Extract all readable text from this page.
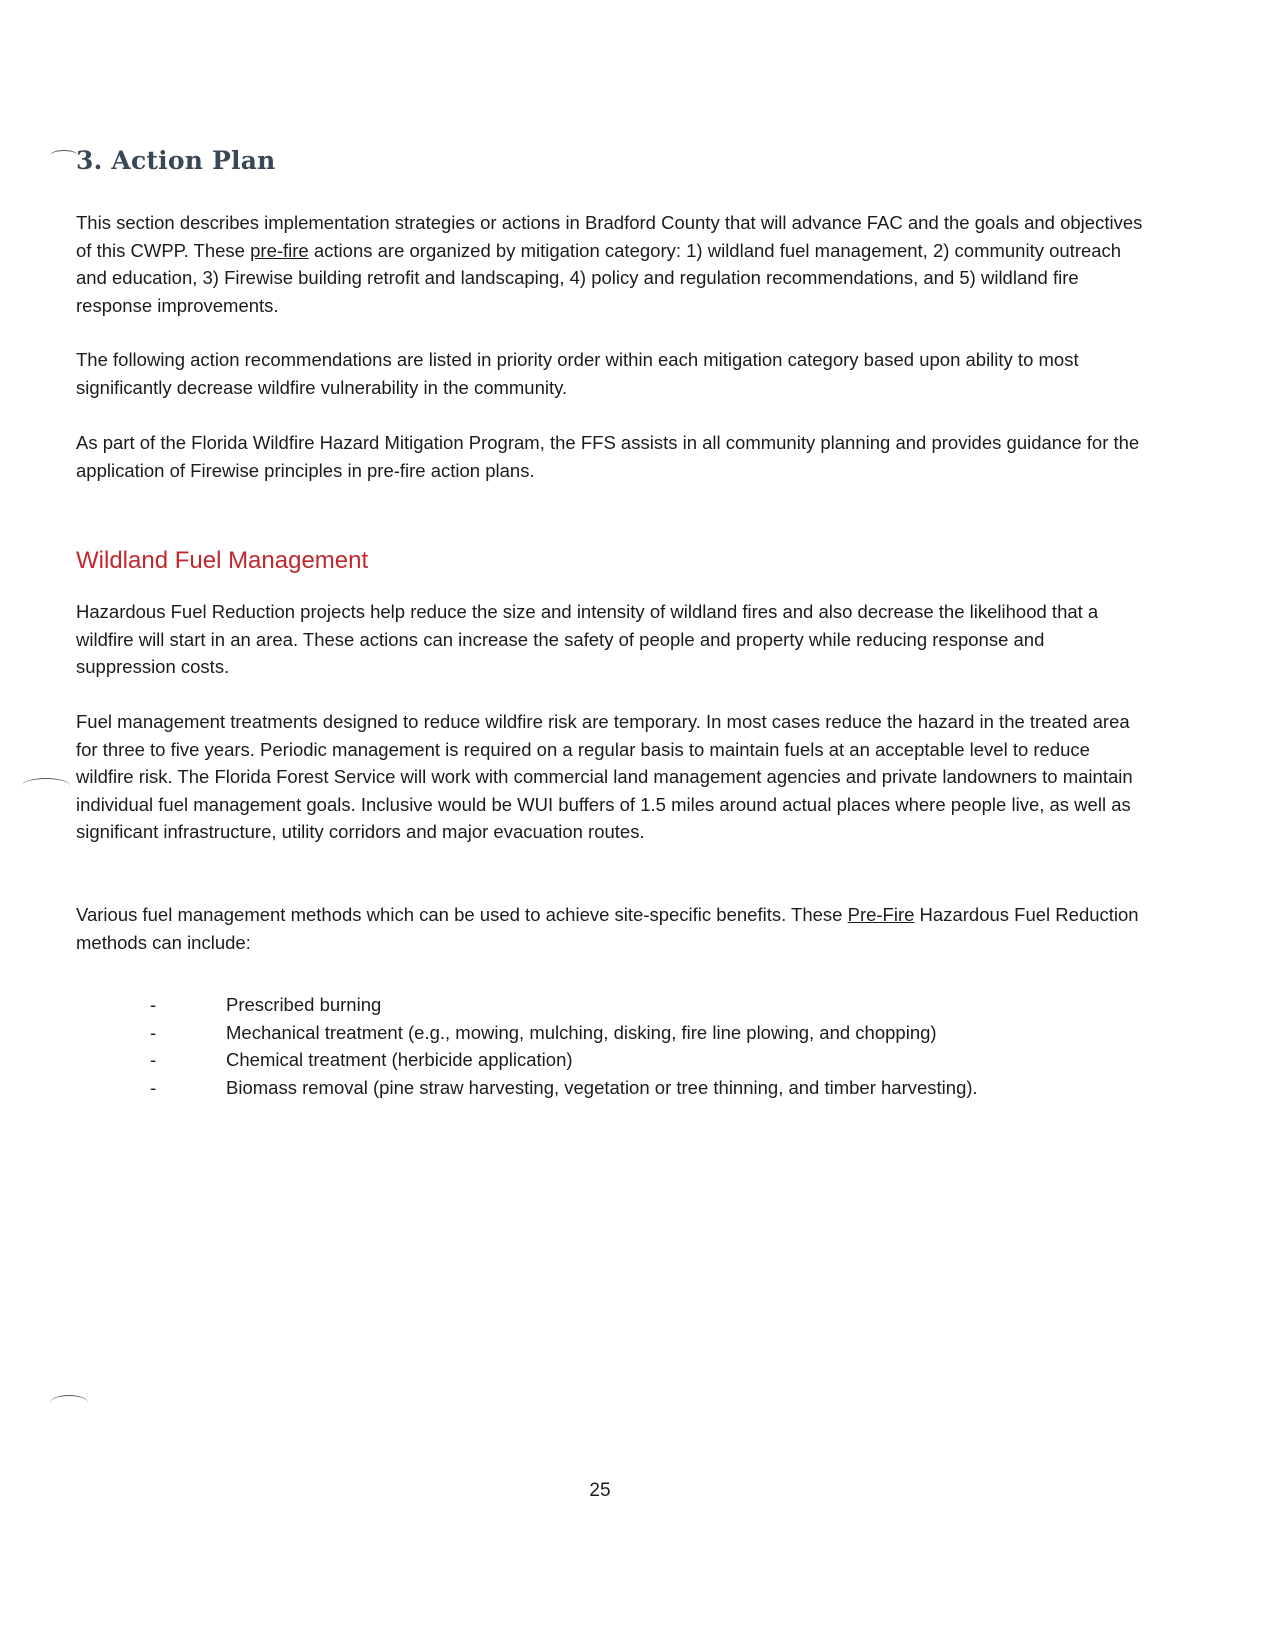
3. Action Plan

This section describes implementation strategies or actions in Bradford County that will advance FAC and the goals and objectives of this CWPP. These pre-fire actions are organized by mitigation category: 1) wildland fuel management, 2) community outreach and education, 3) Firewise building retrofit and landscaping, 4) policy and regulation recommendations, and 5) wildland fire response improvements.

The following action recommendations are listed in priority order within each mitigation category based upon ability to most significantly decrease wildfire vulnerability in the community.

As part of the Florida Wildfire Hazard Mitigation Program, the FFS assists in all community planning and provides guidance for the application of Firewise principles in pre-fire action plans.

Wildland Fuel Management

Hazardous Fuel Reduction projects help reduce the size and intensity of wildland fires and also decrease the likelihood that a wildfire will start in an area. These actions can increase the safety of people and property while reducing response and suppression costs.

Fuel management treatments designed to reduce wildfire risk are temporary. In most cases reduce the hazard in the treated area for three to five years. Periodic management is required on a regular basis to maintain fuels at an acceptable level to reduce wildfire risk. The Florida Forest Service will work with commercial land management agencies and private landowners to maintain individual fuel management goals. Inclusive would be WUI buffers of 1.5 miles around actual places where people live, as well as significant infrastructure, utility corridors and major evacuation routes.

Various fuel management methods which can be used to achieve site-specific benefits. These Pre-Fire Hazardous Fuel Reduction methods can include:

-	Prescribed burning
-	Mechanical treatment (e.g., mowing, mulching, disking, fire line plowing, and chopping)
-	Chemical treatment (herbicide application)
-	Biomass removal (pine straw harvesting, vegetation or tree thinning, and timber harvesting).
25
